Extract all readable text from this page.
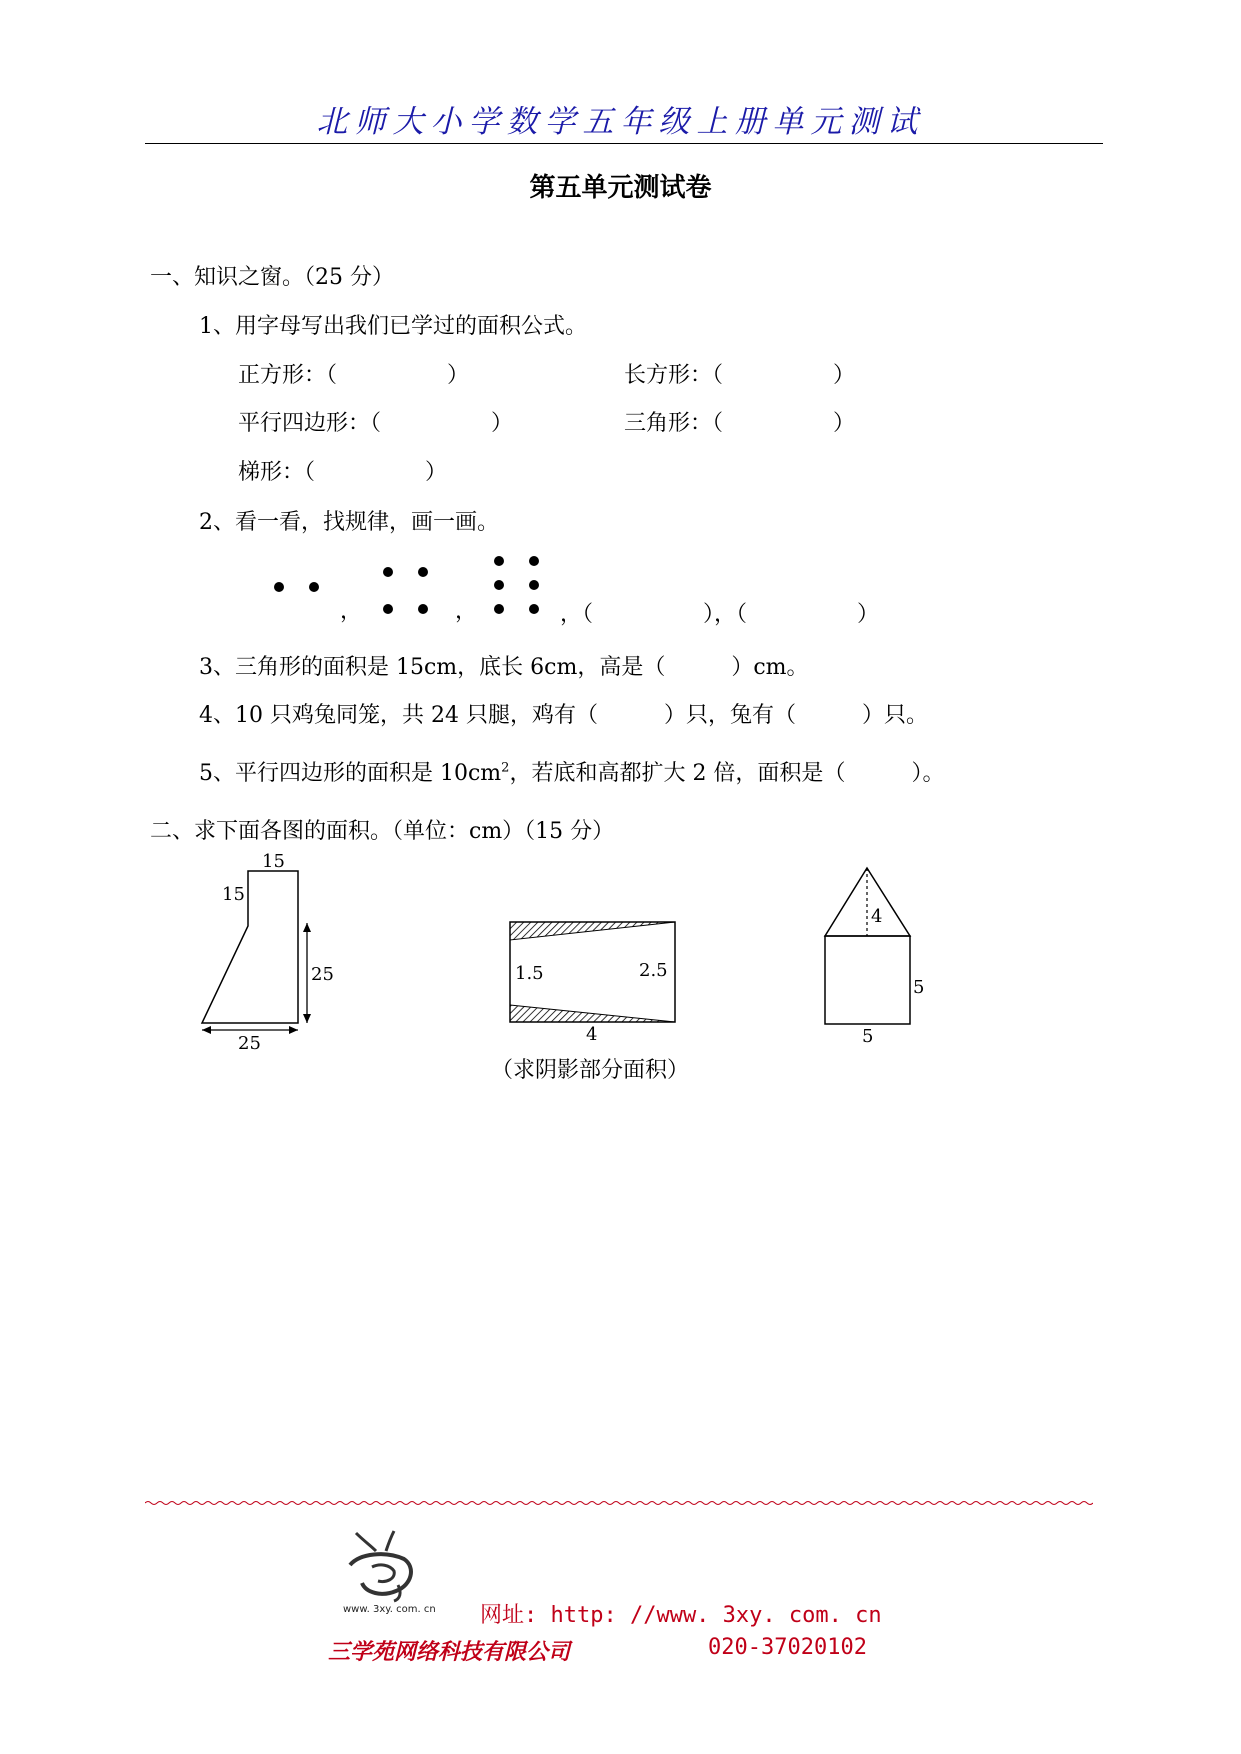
北师大小学数学五年级上册单元测试
第五单元测试卷
一、知识之窗。（25 分）
1、用字母写出我们已学过的面积公式。
正方形：（　　　　　）	长方形：（　　　　　）
平行四边形：（　　　　　）	三角形：（　　　　　）
梯形：（　　　　　）
2、看一看，找规律，画一画。
，	，	，（　　　　　），（　　　　　）
3、三角形的面积是 15cm，底长 6cm，高是（　　　）cm。
4、10 只鸡兔同笼，共 24 只腿，鸡有（　　　）只，兔有（　　　）只。
5、平行四边形的面积是 $10cm^2$，若底和高都扩大 2 倍，面积是（　　　）。
二、求下面各图的面积。（单位：cm）（15 分）
15
15
25
25
1.5	2.5
4
（求阴影部分面积）
4
5
5
www. 3xy. com. cn 网址: http: //www. 3xy. com. cn
三学苑网络科技有限公司	020-37020102
